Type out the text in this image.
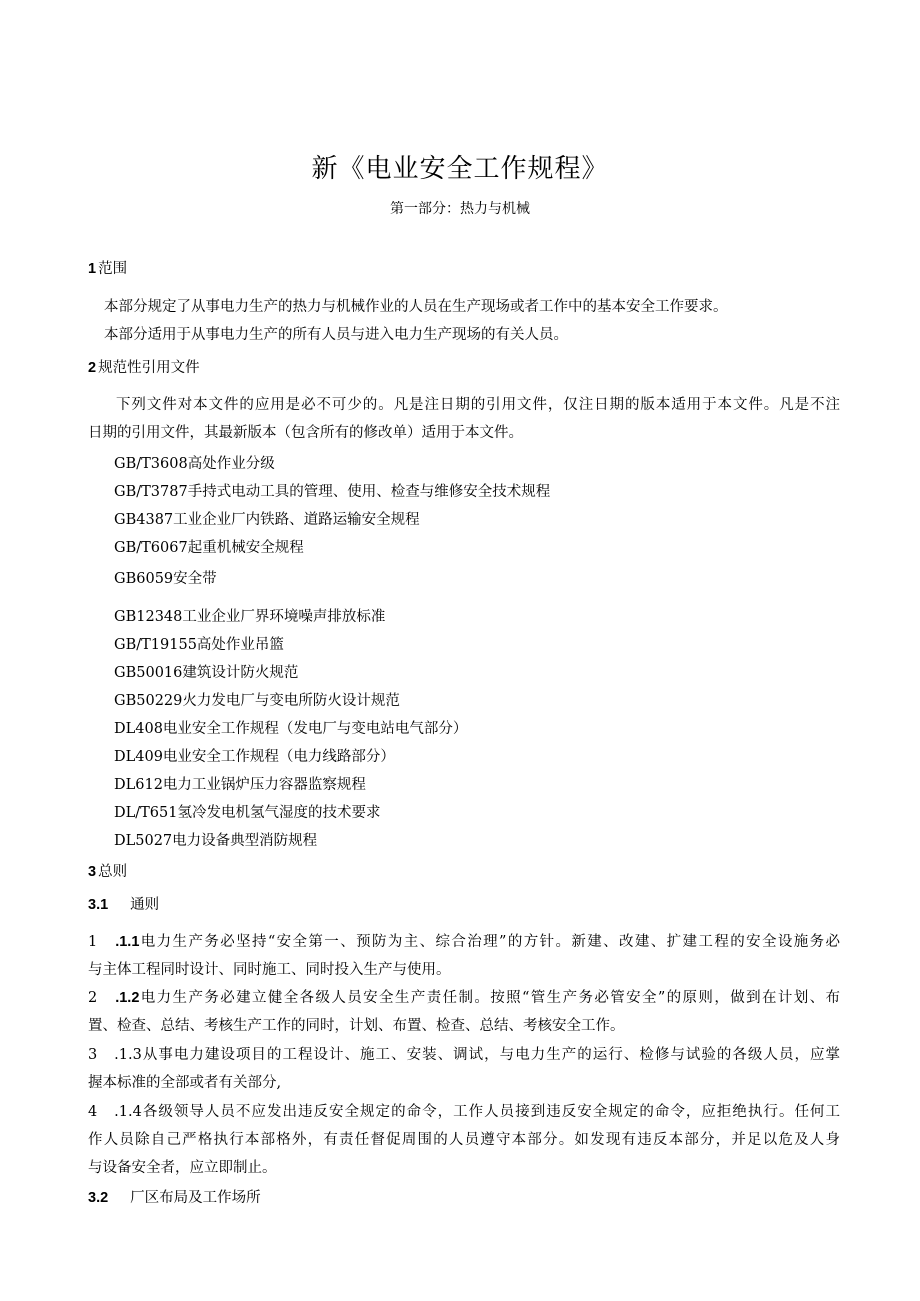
新《电业安全工作规程》
第一部分：热力与机械
1 范围
本部分规定了从事电力生产的热力与机械作业的人员在生产现场或者工作中的基本安全工作要求。
本部分适用于从事电力生产的所有人员与进入电力生产现场的有关人员。
2 规范性引用文件
下列文件对本文件的应用是必不可少的。凡是注日期的引用文件，仅注日期的版本适用于本文件。凡是不注
日期的引用文件，其最新版本（包含所有的修改单）适用于本文件。
GB/T3608高处作业分级
GB/T3787手持式电动工具的管理、使用、检查与维修安全技术规程
GB4387工业企业厂内铁路、道路运输安全规程
GB/T6067起重机械安全规程
GB6059安全带
GB12348工业企业厂界环境噪声排放标准
GB/T19155高处作业吊篮
GB50016建筑设计防火规范
GB50229火力发电厂与变电所防火设计规范
DL408电业安全工作规程（发电厂与变电站电气部分）
DL409电业安全工作规程（电力线路部分）
DL612电力工业锅炉压力容器监察规程
DL/T651氢冷发电机氢气湿度的技术要求
DL5027电力设备典型消防规程
3 总则
3.1 通则
1 .1.1电力生产务必坚持“安全第一、预防为主、综合治理”的方针。新建、改建、扩建工程的安全设施务必
与主体工程同时设计、同时施工、同时投入生产与使用。
2 .1.2电力生产务必建立健全各级人员安全生产责任制。按照“管生产务必管安全”的原则，做到在计划、布
置、检查、总结、考核生产工作的同时，计划、布置、检查、总结、考核安全工作。
3 .1.3从事电力建设项目的工程设计、施工、安装、调试，与电力生产的运行、检修与试验的各级人员，应掌
握本标准的全部或者有关部分,
4 .1.4各级领导人员不应发出违反安全规定的命令，工作人员接到违反安全规定的命令，应拒绝执行。任何工
作人员除自己严格执行本部格外，有责任督促周围的人员遵守本部分。如发现有违反本部分，并足以危及人身
与设备安全者，应立即制止。
3.2 厂区布局及工作场所
